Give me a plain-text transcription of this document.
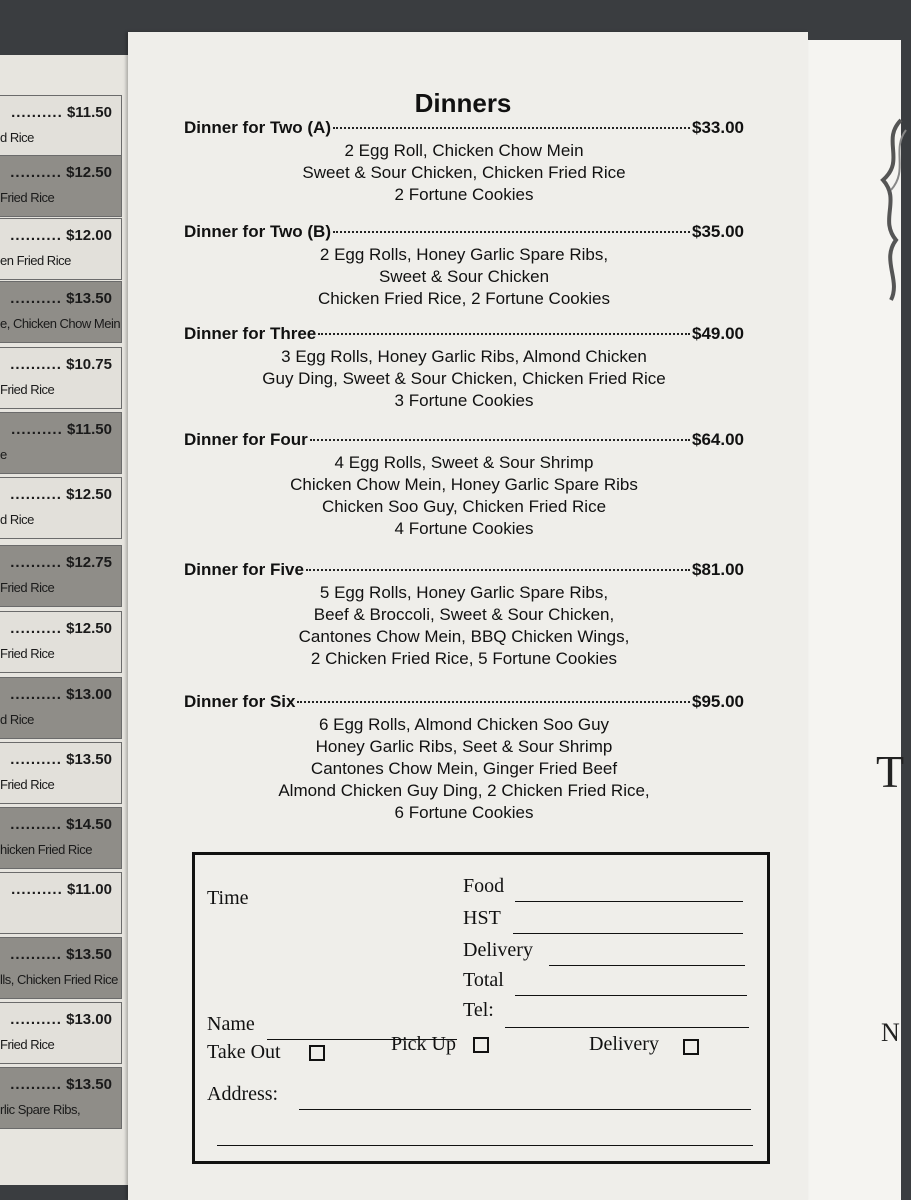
.......... $11.50
d Rice
.......... $12.50
Fried Rice
.......... $12.00
en Fried Rice
.......... $13.50
e, Chicken Chow Mein
.......... $10.75
Fried Rice
.......... $11.50
e
.......... $12.50
d Rice
.......... $12.75
Fried Rice
.......... $12.50
Fried Rice
.......... $13.00
d Rice
.......... $13.50
Fried Rice
.......... $14.50
hicken Fried Rice
.......... $11.00
.......... $13.50
lls, Chicken Fried Rice
.......... $13.00
Fried Rice
.......... $13.50
rlic Spare Ribs,
T
N
Dinners
Dinner for Two (A)	$33.00
2 Egg Roll, Chicken Chow Mein
Sweet & Sour Chicken, Chicken Fried Rice
2 Fortune Cookies
Dinner for Two (B)	$35.00
2 Egg Rolls, Honey Garlic Spare Ribs,
Sweet & Sour Chicken
Chicken Fried Rice, 2 Fortune Cookies
Dinner for Three	$49.00
3 Egg Rolls, Honey Garlic Ribs, Almond Chicken
Guy Ding, Sweet & Sour Chicken, Chicken Fried Rice
3 Fortune Cookies
Dinner for Four	$64.00
4 Egg Rolls, Sweet & Sour Shrimp
Chicken Chow Mein, Honey Garlic Spare Ribs
Chicken Soo Guy, Chicken Fried Rice
4 Fortune Cookies
Dinner for Five	$81.00
5 Egg Rolls, Honey Garlic Spare Ribs,
Beef & Broccoli, Sweet & Sour Chicken,
Cantones Chow Mein, BBQ Chicken Wings,
2 Chicken Fried Rice, 5 Fortune Cookies
Dinner for Six	$95.00
6 Egg Rolls, Almond Chicken Soo Guy
Honey Garlic Ribs, Seet & Sour Shrimp
Cantones Chow Mein, Ginger Fried Beef
Almond Chicken Guy Ding, 2 Chicken Fried Rice,
6 Fortune Cookies
Time
Food
HST
Delivery
Total
Tel:
Name
Take Out	Pick Up	Delivery
Address:
